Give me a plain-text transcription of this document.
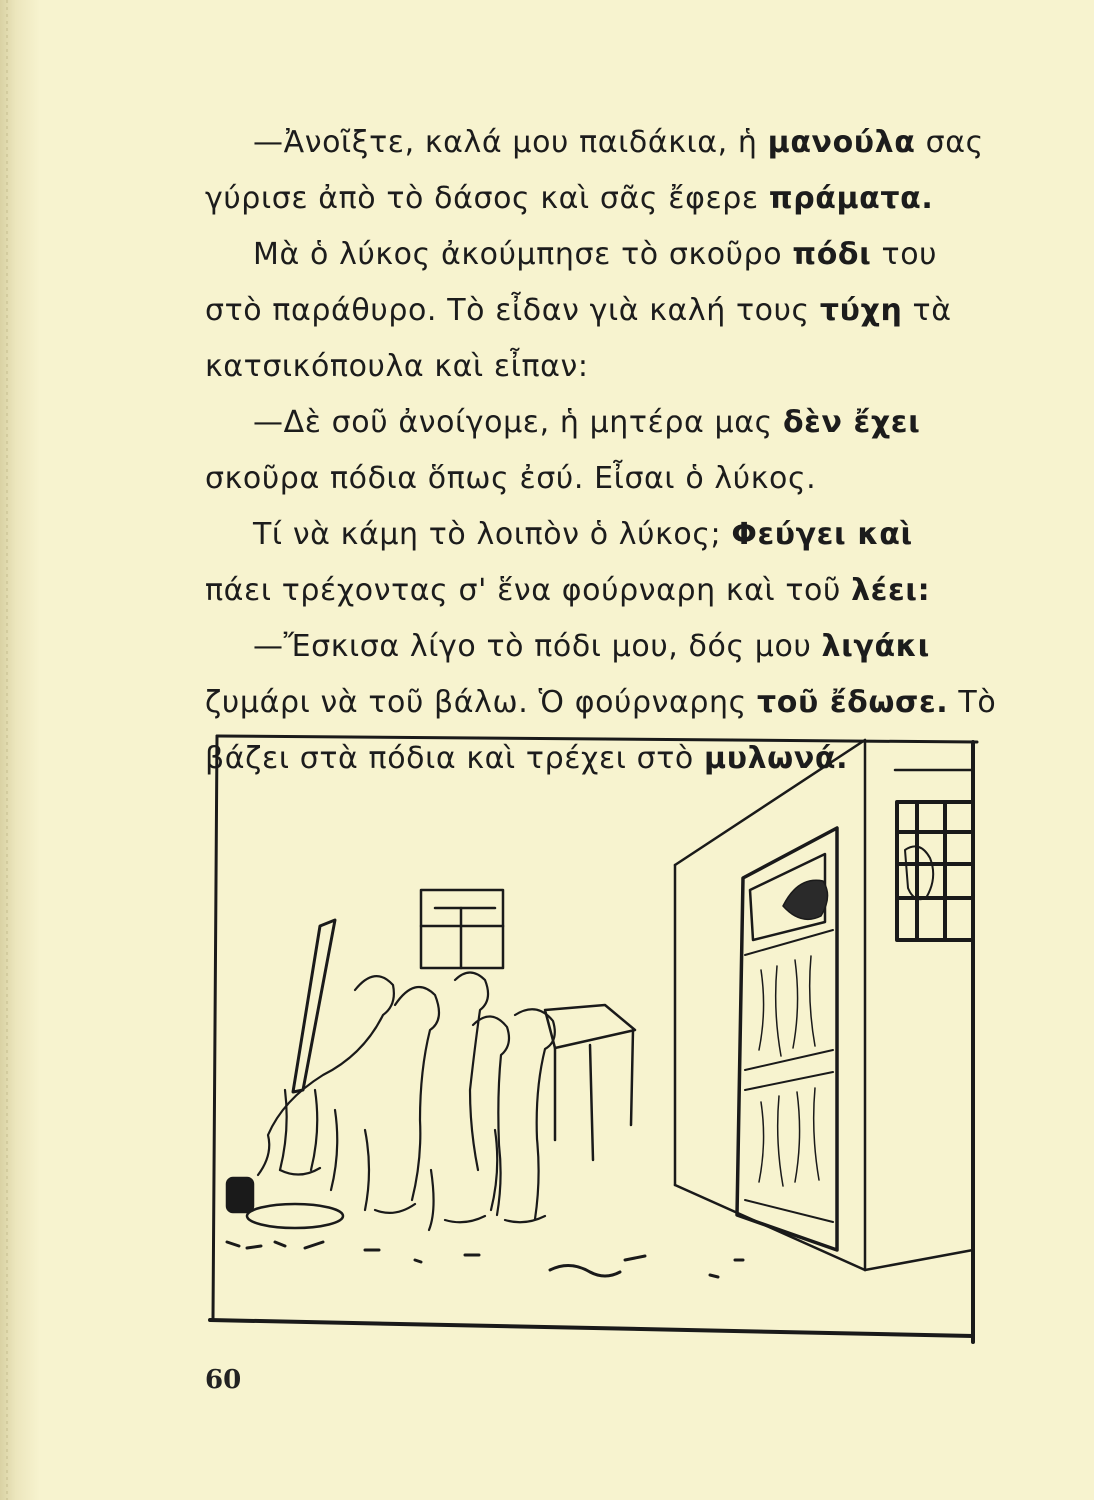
—Ἀνοῖξτε, καλά μου παιδάκια, ἡ μανούλα σας
γύρισε ἀπὸ τὸ δάσος καὶ σᾶς ἔφερε πράματα.
Μὰ ὁ λύκος ἀκούμπησε τὸ σκοῦρο πόδι του
στὸ παράθυρο. Τὸ εἶδαν γιὰ καλή τους τύχη τὰ
κατσικόπουλα καὶ εἶπαν:
—Δὲ σοῦ ἀνοίγομε, ἡ μητέρα μας δὲν ἔχει
σκοῦρα πόδια ὅπως ἐσύ. Εἶσαι ὁ λύκος.
Τί νὰ κάμη τὸ λοιπὸν ὁ λύκος; Φεύγει καὶ
πάει τρέχοντας σ' ἕνα φούρναρη καὶ τοῦ λέει:
—Ἔσκισα λίγο τὸ πόδι μου, δός μου λιγάκι
ζυμάρι νὰ τοῦ βάλω. Ὁ φούρναρης τοῦ ἔδωσε. Τὸ
βάζει στὰ πόδια καὶ τρέχει στὸ μυλωνά.
60
